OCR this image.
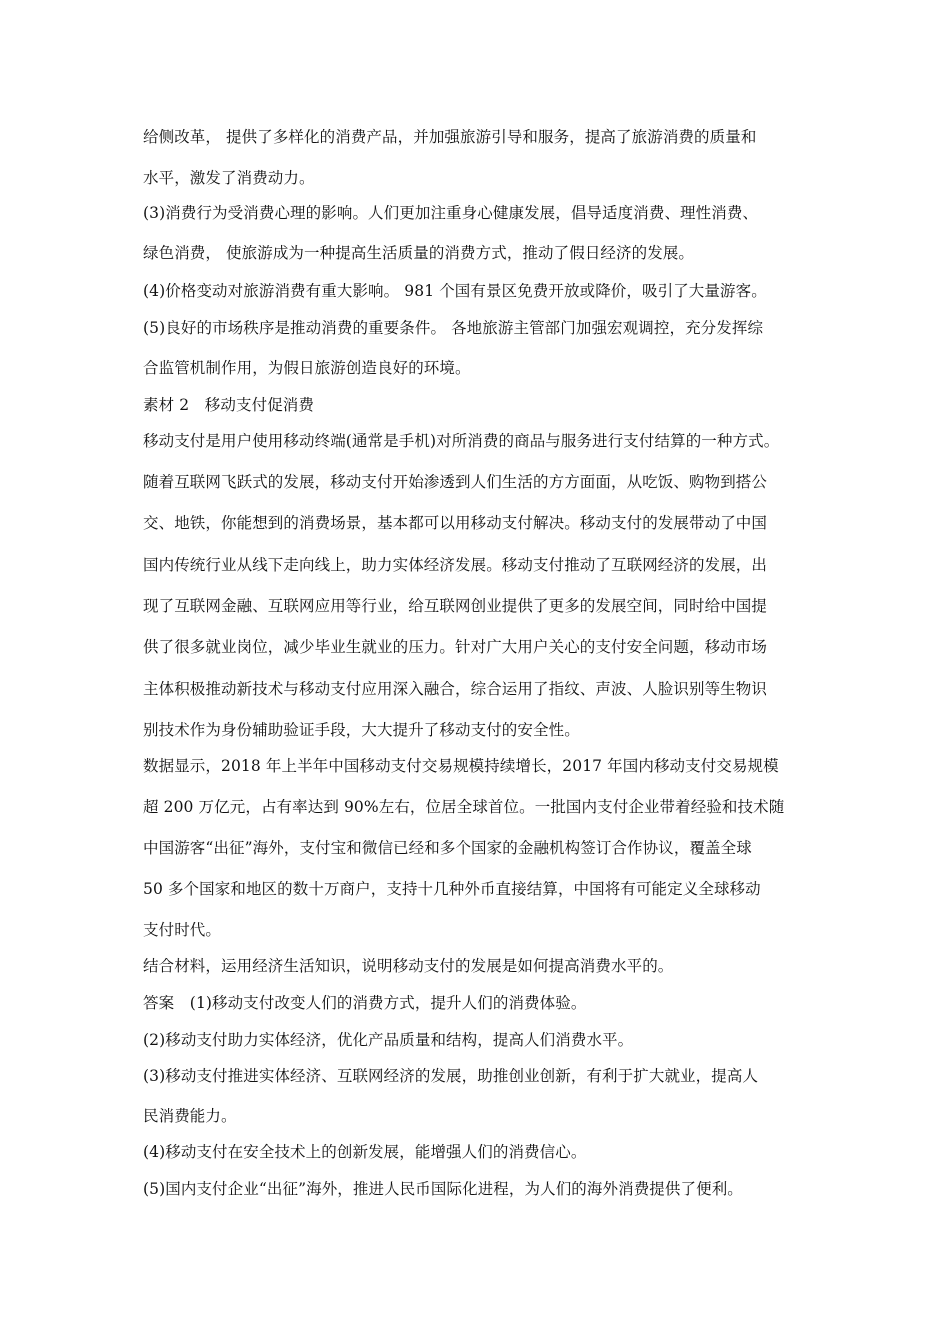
给侧改革， 提供了多样化的消费产品，并加强旅游引导和服务，提高了旅游消费的质量和
水平，激发了消费动力。
(3)消费行为受消费心理的影响。人们更加注重身心健康发展，倡导适度消费、理性消费、
绿色消费， 使旅游成为一种提高生活质量的消费方式，推动了假日经济的发展。
(4)价格变动对旅游消费有重大影响。 981 个国有景区免费开放或降价，吸引了大量游客。
(5)良好的市场秩序是推动消费的重要条件。 各地旅游主管部门加强宏观调控，充分发挥综
合监管机制作用，为假日旅游创造良好的环境。
素材 2　移动支付促消费
移动支付是用户使用移动终端(通常是手机)对所消费的商品与服务进行支付结算的一种方式。
随着互联网飞跃式的发展，移动支付开始渗透到人们生活的方方面面，从吃饭、购物到搭公
交、地铁，你能想到的消费场景，基本都可以用移动支付解决。移动支付的发展带动了中国
国内传统行业从线下走向线上，助力实体经济发展。移动支付推动了互联网经济的发展，出
现了互联网金融、互联网应用等行业，给互联网创业提供了更多的发展空间，同时给中国提
供了很多就业岗位，减少毕业生就业的压力。针对广大用户关心的支付安全问题，移动市场
主体积极推动新技术与移动支付应用深入融合，综合运用了指纹、声波、人脸识别等生物识
别技术作为身份辅助验证手段，大大提升了移动支付的安全性。
数据显示，2018 年上半年中国移动支付交易规模持续增长，2017 年国内移动支付交易规模
超 200 万亿元，占有率达到 90%左右，位居全球首位。一批国内支付企业带着经验和技术随
中国游客“出征”海外，支付宝和微信已经和多个国家的金融机构签订合作协议，覆盖全球
50 多个国家和地区的数十万商户，支持十几种外币直接结算，中国将有可能定义全球移动
支付时代。
结合材料，运用经济生活知识，说明移动支付的发展是如何提高消费水平的。
答案　(1)移动支付改变人们的消费方式，提升人们的消费体验。
(2)移动支付助力实体经济，优化产品质量和结构，提高人们消费水平。
(3)移动支付推进实体经济、互联网经济的发展，助推创业创新，有利于扩大就业，提高人
民消费能力。
(4)移动支付在安全技术上的创新发展，能增强人们的消费信心。
(5)国内支付企业“出征”海外，推进人民币国际化进程，为人们的海外消费提供了便利。
